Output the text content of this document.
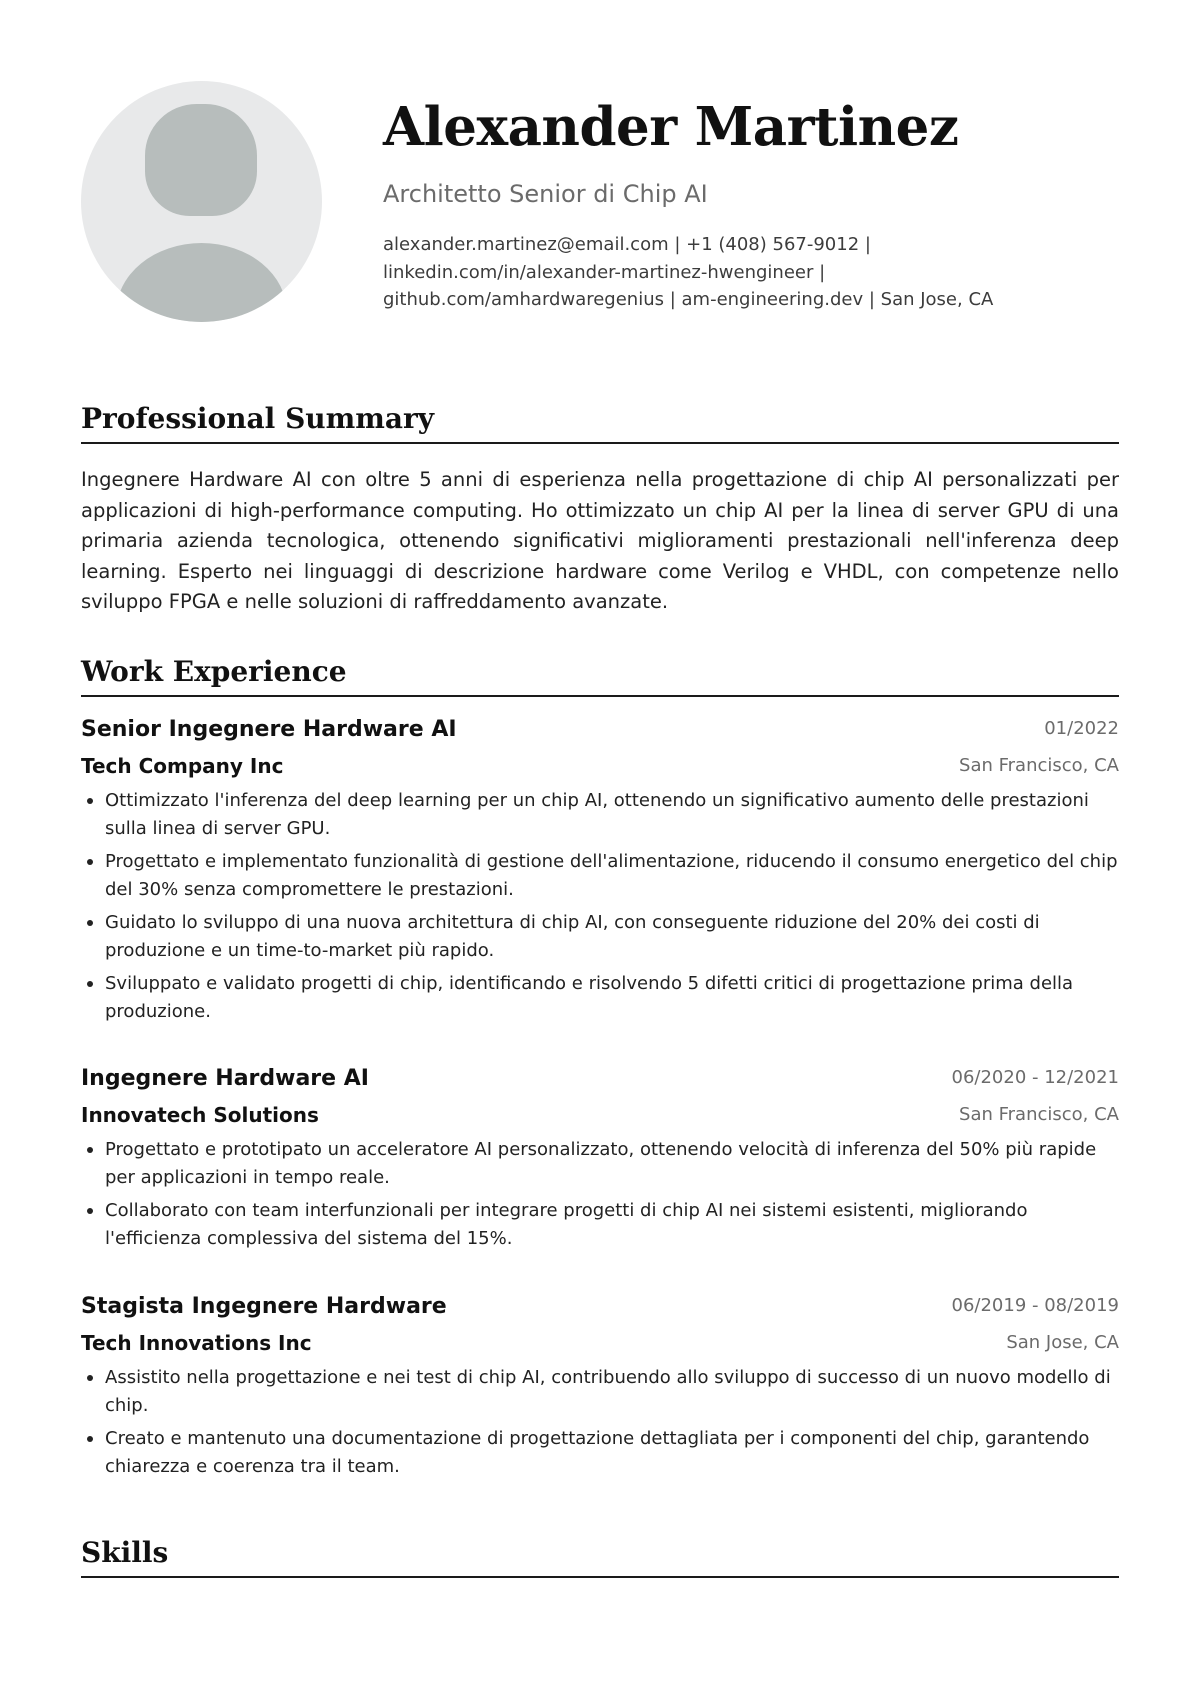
Alexander Martinez
Architetto Senior di Chip AI
alexander.martinez@email.com | +1 (408) 567-9012 | linkedin.com/in/alexander-martinez-hwengineer | github.com/amhardwaregenius | am-engineering.dev | San Jose, CA
Professional Summary
Ingegnere Hardware AI con oltre 5 anni di esperienza nella progettazione di chip AI personalizzati per applicazioni di high-performance computing. Ho ottimizzato un chip AI per la linea di server GPU di una primaria azienda tecnologica, ottenendo significativi miglioramenti prestazionali nell'inferenza deep learning. Esperto nei linguaggi di descrizione hardware come Verilog e VHDL, con competenze nello sviluppo FPGA e nelle soluzioni di raffreddamento avanzate.
Work Experience
Senior Ingegnere Hardware AI	01/2022
Tech Company Inc	San Francisco, CA
Ottimizzato l'inferenza del deep learning per un chip AI, ottenendo un significativo aumento delle prestazioni sulla linea di server GPU.
Progettato e implementato funzionalità di gestione dell'alimentazione, riducendo il consumo energetico del chip del 30% senza compromettere le prestazioni.
Guidato lo sviluppo di una nuova architettura di chip AI, con conseguente riduzione del 20% dei costi di produzione e un time-to-market più rapido.
Sviluppato e validato progetti di chip, identificando e risolvendo 5 difetti critici di progettazione prima della produzione.
Ingegnere Hardware AI	06/2020 - 12/2021
Innovatech Solutions	San Francisco, CA
Progettato e prototipato un acceleratore AI personalizzato, ottenendo velocità di inferenza del 50% più rapide per applicazioni in tempo reale.
Collaborato con team interfunzionali per integrare progetti di chip AI nei sistemi esistenti, migliorando l'efficienza complessiva del sistema del 15%.
Stagista Ingegnere Hardware	06/2019 - 08/2019
Tech Innovations Inc	San Jose, CA
Assistito nella progettazione e nei test di chip AI, contribuendo allo sviluppo di successo di un nuovo modello di chip.
Creato e mantenuto una documentazione di progettazione dettagliata per i componenti del chip, garantendo chiarezza e coerenza tra il team.
Skills
